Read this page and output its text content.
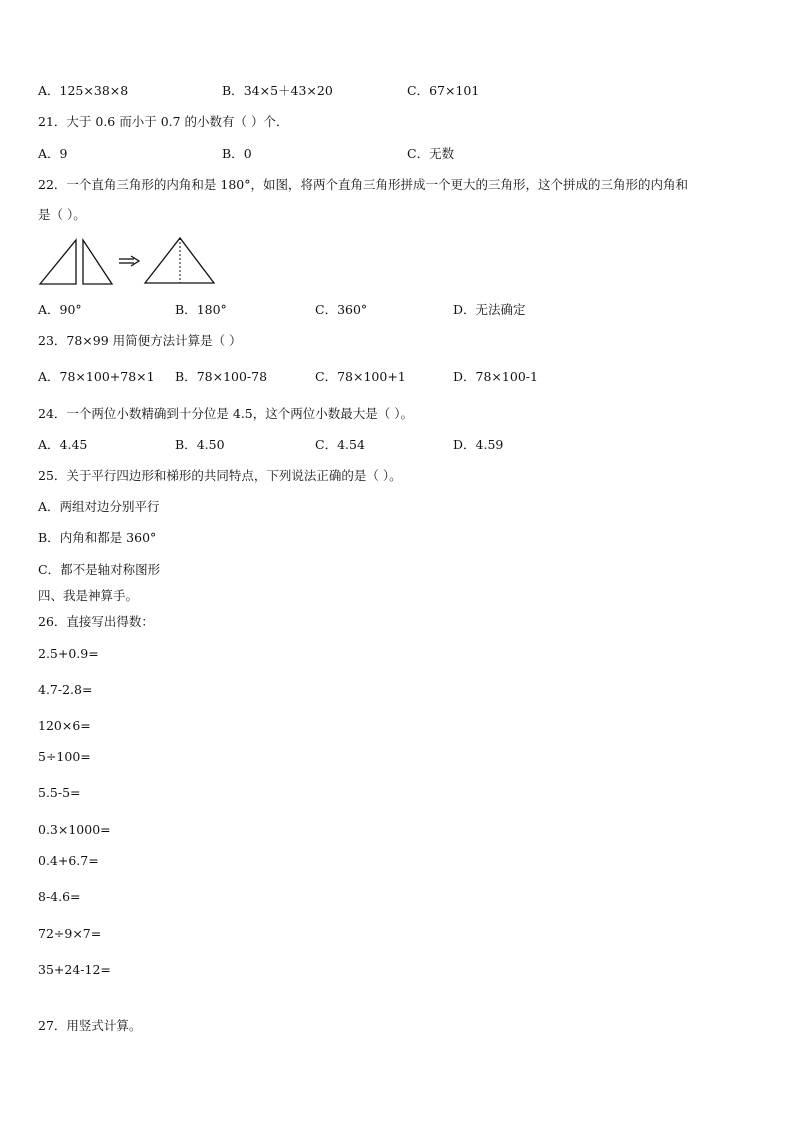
A．125×38×8	B．34×5＋43×20	C．67×101
21．大于 0.6 而小于 0.7 的小数有（ ）个．
A．9	B．0	C．无数
22．一个直角三角形的内角和是 180°，如图，将两个直角三角形拼成一个更大的三角形，这个拼成的三角形的内角和
是（ ）。
A．90°	B．180°	C．360°	D．无法确定
23．78×99 用简便方法计算是（ ）
A．78×100+78×1 B．78×100-78	C．78×100+1	D．78×100-1
24．一个两位小数精确到十分位是 4.5，这个两位小数最大是（ ）。
A．4.45	B．4.50	C．4.54	D．4.59
25．关于平行四边形和梯形的共同特点，下列说法正确的是（ ）。
A．两组对边分别平行
B．内角和都是 360°
C．都不是轴对称图形
四、我是神算手。
26．直接写出得数：
2.5+0.9=
4.7-2.8=
120×6=
5÷100=
5.5-5=
0.3×1000=
0.4+6.7=
8-4.6=
72÷9×7=
35+24-12=
27．用竖式计算。
